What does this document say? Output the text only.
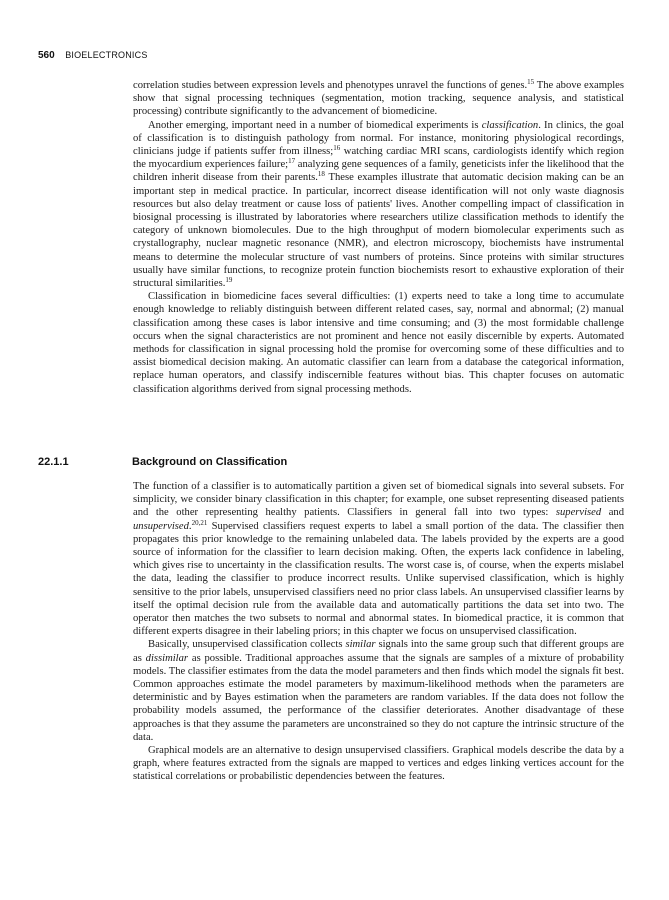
560 BIOELECTRONICS

correlation studies between expression levels and phenotypes unravel the functions of genes.$^{15}$ The above examples show that signal processing techniques (segmentation, motion tracking, sequence analysis, and statistical processing) contribute significantly to the advancement of biomedicine.

Another emerging, important need in a number of biomedical experiments is classification. In clinics, the goal of classification is to distinguish pathology from normal. For instance, monitoring physiological recordings, clinicians judge if patients suffer from illness;$^{16}$ watching cardiac MRI scans, cardiologists identify which region the myocardium experiences failure;$^{17}$ analyzing gene sequences of a family, geneticists infer the likelihood that the children inherit disease from their parents.$^{18}$ These examples illustrate that automatic decision making can be an important step in medical practice. In particular, incorrect disease identification will not only waste diagnosis resources but also delay treatment or cause loss of patients' lives. Another compelling impact of classification in biosignal processing is illustrated by laboratories where researchers utilize classification methods to identify the category of unknown biomolecules. Due to the high throughput of modern biomolecular experiments such as crystallography, nuclear magnetic resonance (NMR), and electron microscopy, biochemists have instrumental means to determine the molecular structure of vast numbers of proteins. Since proteins with similar structures usually have similar functions, to recognize protein function biochemists resort to exhaustive exploration of their structural similarities.$^{19}$

Classification in biomedicine faces several difficulties: (1) experts need to take a long time to accumulate enough knowledge to reliably distinguish between different related cases, say, normal and abnormal; (2) manual classification among these cases is labor intensive and time consuming; and (3) the most formidable challenge occurs when the signal characteristics are not prominent and hence not easily discernible by experts. Automated methods for classification in signal processing hold the promise for overcoming some of these difficulties and to assist biomedical decision making. An automatic classifier can learn from a database the categorical information, replace human operators, and classify indiscernible features without bias. This chapter focuses on automatic classification algorithms derived from signal processing methods.

22.1.1	Background on Classification

The function of a classifier is to automatically partition a given set of biomedical signals into several subsets. For simplicity, we consider binary classification in this chapter; for example, one subset representing diseased patients and the other representing healthy patients. Classifiers in general fall into two types: supervised and unsupervised.$^{20,21}$ Supervised classifiers request experts to label a small portion of the data. The classifier then propagates this prior knowledge to the remaining unlabeled data. The labels provided by the experts are a good source of information for the classifier to learn decision making. Often, the experts lack confidence in labeling, which gives rise to uncertainty in the classification results. The worst case is, of course, when the experts mislabel the data, leading the classifier to produce incorrect results. Unlike supervised classification, which is highly sensitive to the prior labels, unsupervised classifiers need no prior class labels. An unsupervised classifier learns by itself the optimal decision rule from the available data and automatically partitions the data set into two. The operator then matches the two subsets to normal and abnormal states. In biomedical practice, it is common that different experts disagree in their labeling priors; in this chapter we focus on unsupervised classification.

Basically, unsupervised classification collects similar signals into the same group such that different groups are as dissimilar as possible. Traditional approaches assume that the signals are samples of a mixture of probability models. The classifier estimates from the data the model parameters and then finds which model the signals fit best. Common approaches estimate the model parameters by maximum-likelihood methods when the parameters are deterministic and by Bayes estimation when the parameters are random variables. If the data does not follow the probability models assumed, the performance of the classifier deteriorates. Another disadvantage of these approaches is that they assume the parameters are unconstrained so they do not capture the intrinsic structure of the data.

Graphical models are an alternative to design unsupervised classifiers. Graphical models describe the data by a graph, where features extracted from the signals are mapped to vertices and edges linking vertices account for the statistical correlations or probabilistic dependencies between the features.
